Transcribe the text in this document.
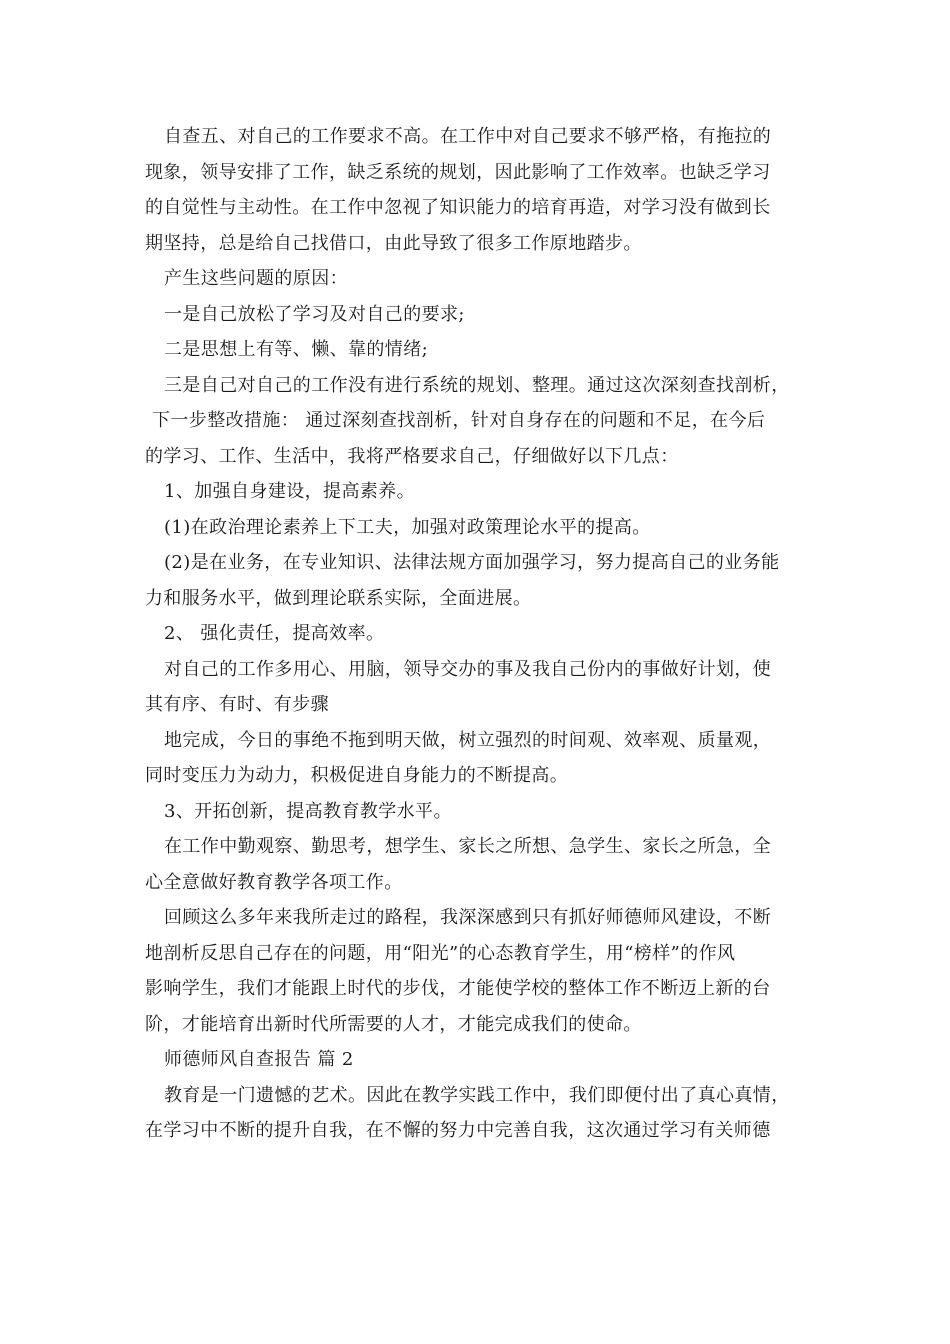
自查五、对自己的工作要求不高。在工作中对自己要求不够严格，有拖拉的
现象，领导安排了工作，缺乏系统的规划，因此影响了工作效率。也缺乏学习
的自觉性与主动性。在工作中忽视了知识能力的培育再造，对学习没有做到长
期坚持，总是给自己找借口，由此导致了很多工作原地踏步。
产生这些问题的原因：
一是自己放松了学习及对自己的要求;
二是思想上有等、懒、靠的情绪;
三是自己对自己的工作没有进行系统的规划、整理。通过这次深刻查找剖析，
下一步整改措施： 通过深刻查找剖析，针对自身存在的问题和不足，在今后
的学习、工作、生活中，我将严格要求自己，仔细做好以下几点：
1、加强自身建设，提高素养。
(1)在政治理论素养上下工夫，加强对政策理论水平的提高。
(2)是在业务，在专业知识、法律法规方面加强学习，努力提高自己的业务能
力和服务水平，做到理论联系实际，全面进展。
2、 强化责任，提高效率。
对自己的工作多用心、用脑，领导交办的事及我自己份内的事做好计划，使
其有序、有时、有步骤
地完成，今日的事绝不拖到明天做，树立强烈的时间观、效率观、质量观，
同时变压力为动力，积极促进自身能力的不断提高。
3、开拓创新，提高教育教学水平。
在工作中勤观察、勤思考，想学生、家长之所想、急学生、家长之所急，全
心全意做好教育教学各项工作。
回顾这么多年来我所走过的路程，我深深感到只有抓好师德师风建设，不断
地剖析反思自己存在的问题，用“阳光”的心态教育学生，用“榜样”的作风
影响学生，我们才能跟上时代的步伐，才能使学校的整体工作不断迈上新的台
阶，才能培育出新时代所需要的人才，才能完成我们的使命。
师德师风自查报告 篇 2
教育是一门遗憾的艺术。因此在教学实践工作中，我们即便付出了真心真情，
在学习中不断的提升自我，在不懈的努力中完善自我，这次通过学习有关师德
